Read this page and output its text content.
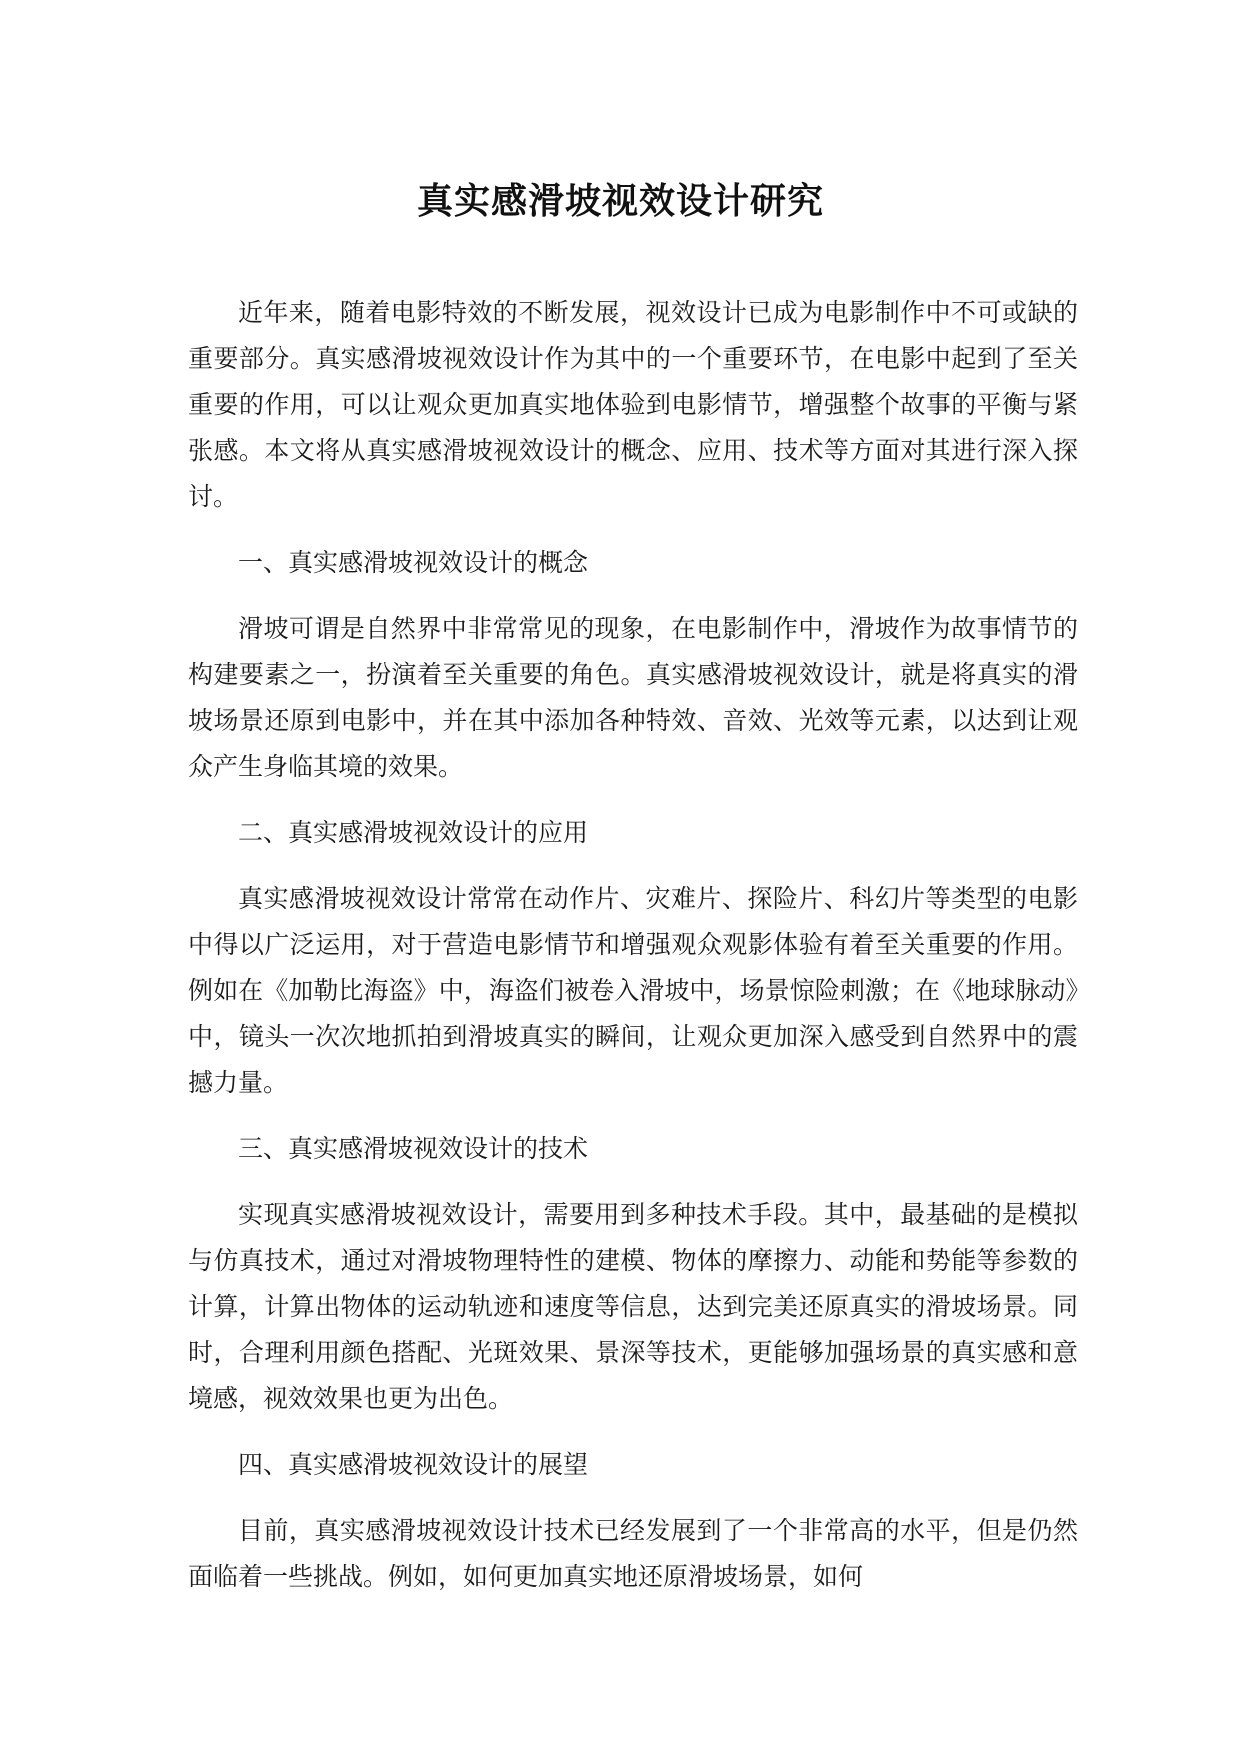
真实感滑坡视效设计研究

近年来，随着电影特效的不断发展，视效设计已成为电影制作中不可或缺的重要部分。真实感滑坡视效设计作为其中的一个重要环节，在电影中起到了至关重要的作用，可以让观众更加真实地体验到电影情节，增强整个故事的平衡与紧张感。本文将从真实感滑坡视效设计的概念、应用、技术等方面对其进行深入探讨。

一、真实感滑坡视效设计的概念

滑坡可谓是自然界中非常常见的现象，在电影制作中，滑坡作为故事情节的构建要素之一，扮演着至关重要的角色。真实感滑坡视效设计，就是将真实的滑坡场景还原到电影中，并在其中添加各种特效、音效、光效等元素，以达到让观众产生身临其境的效果。

二、真实感滑坡视效设计的应用

真实感滑坡视效设计常常在动作片、灾难片、探险片、科幻片等类型的电影中得以广泛运用，对于营造电影情节和增强观众观影体验有着至关重要的作用。例如在《加勒比海盗》中，海盗们被卷入滑坡中，场景惊险刺激；在《地球脉动》中，镜头一次次地抓拍到滑坡真实的瞬间，让观众更加深入感受到自然界中的震撼力量。

三、真实感滑坡视效设计的技术

实现真实感滑坡视效设计，需要用到多种技术手段。其中，最基础的是模拟与仿真技术，通过对滑坡物理特性的建模、物体的摩擦力、动能和势能等参数的计算，计算出物体的运动轨迹和速度等信息，达到完美还原真实的滑坡场景。同时，合理利用颜色搭配、光斑效果、景深等技术，更能够加强场景的真实感和意境感，视效效果也更为出色。

四、真实感滑坡视效设计的展望

目前，真实感滑坡视效设计技术已经发展到了一个非常高的水平，但是仍然面临着一些挑战。例如，如何更加真实地还原滑坡场景，如何
